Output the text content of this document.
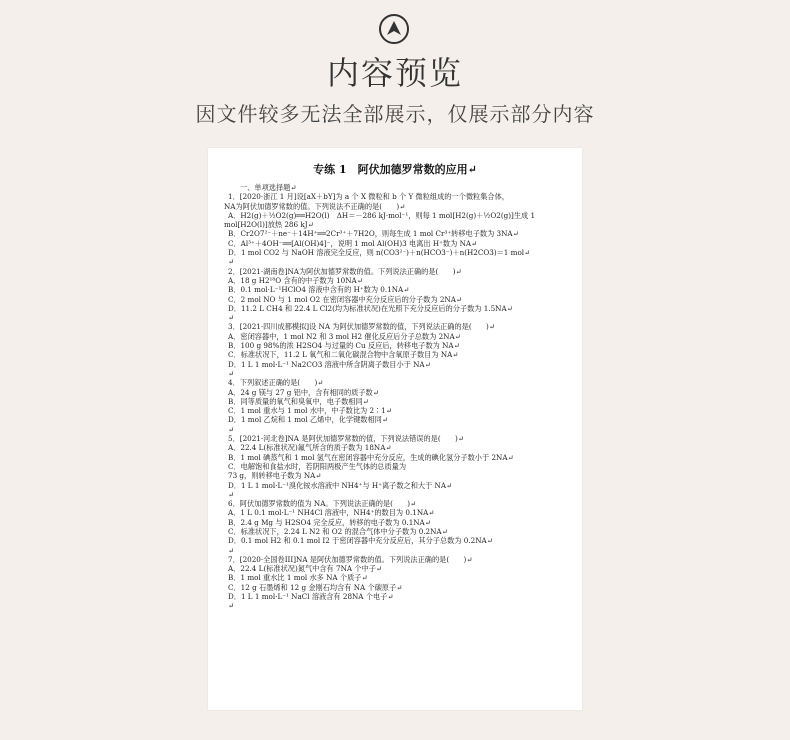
内容预览
因文件较多无法全部展示，仅展示部分内容
专练 1　阿伏加德罗常数的应用↵
一、单项选择题↵
1．[2020·浙江 1 月]设[aX＋bY]为 a 个 X 微粒和 b 个 Y 微粒组成的一个微粒集合体，
NA为阿伏加德罗常数的值。下列说法不正确的是(　　)↵
A．H2(g)＋½O2(g)══H2O(l)　ΔH＝－286 kJ·mol⁻¹，则每 1 mol[H2(g)＋½O2(g)]生成 1
mol[H2O(l)]放热 286 kJ↵
B．Cr2O7²⁻＋ne⁻＋14H⁺══2Cr³⁺＋7H2O，则每生成 1 mol Cr³⁺转移电子数为 3NA↵
C．Al³⁺＋4OH⁻══[Al(OH)4]⁻，说明 1 mol Al(OH)3 电离出 H⁺数为 NA↵
D．1 mol CO2 与 NaOH 溶液完全反应，则 n(CO3²⁻)＋n(HCO3⁻)＋n(H2CO3)＝1 mol↵
↵
2．[2021·湖南卷]NA为阿伏加德罗常数的值。下列说法正确的是(　　)↵
A．18 g H2¹⁸O 含有的中子数为 10NA↵
B．0.1 mol·L⁻¹HClO4 溶液中含有的 H⁺数为 0.1NA↵
C．2 mol NO 与 1 mol O2 在密闭容器中充分反应后的分子数为 2NA↵
D．11.2 L CH4 和 22.4 L Cl2(均为标准状况)在光照下充分反应后的分子数为 1.5NA↵
↵
3．[2021·四川成都模拟]设 NA 为阿伏加德罗常数的值，下列说法正确的是(　　)↵
A．密闭容器中，1 mol N2 和 3 mol H2 催化反应后分子总数为 2NA↵
B．100 g 98%的浓 H2SO4 与过量的 Cu 反应后，转移电子数为 NA↵
C．标准状况下，11.2 L 氧气和二氧化碳混合物中含氧原子数目为 NA↵
D．1 L 1 mol·L⁻¹ Na2CO3 溶液中所含阴离子数目小于 NA↵
↵
4．下列叙述正确的是(　　)↵
A．24 g 镁与 27 g 铝中，含有相同的质子数↵
B．同等质量的氧气和臭氧中，电子数相同↵
C．1 mol 重水与 1 mol 水中，中子数比为 2∶1↵
D．1 mol 乙烷和 1 mol 乙烯中，化学键数相同↵
↵
5．[2021·河北卷]NA 是阿伏加德罗常数的值，下列说法错误的是(　　)↵
A．22.4 L(标准状况)氟气所含的质子数为 18NA↵
B．1 mol 碘蒸气和 1 mol 氢气在密闭容器中充分反应，生成的碘化氢分子数小于 2NA↵
C．电解饱和食盐水时，若阴阳两极产生气体的总质量为
73 g，则转移电子数为 NA↵
D．1 L 1 mol·L⁻¹溴化铵水溶液中 NH4⁺与 H⁺离子数之和大于 NA↵
↵
6．阿伏加德罗常数的值为 NA。下列说法正确的是(　　)↵
A．1 L 0.1 mol·L⁻¹ NH4Cl 溶液中，NH4⁺的数目为 0.1NA↵
B．2.4 g Mg 与 H2SO4 完全反应，转移的电子数为 0.1NA↵
C．标准状况下，2.24 L N2 和 O2 的混合气体中分子数为 0.2NA↵
D．0.1 mol H2 和 0.1 mol I2 于密闭容器中充分反应后，其分子总数为 0.2NA↵
↵
7．[2020·全国卷III]NA 是阿伏加德罗常数的值。下列说法正确的是(　　)↵
A．22.4 L(标准状况)氮气中含有 7NA 个中子↵
B．1 mol 重水比 1 mol 水多 NA 个质子↵
C．12 g 石墨烯和 12 g 金刚石均含有 NA 个碳原子↵
D．1 L 1 mol·L⁻¹ NaCl 溶液含有 28NA 个电子↵
↵
